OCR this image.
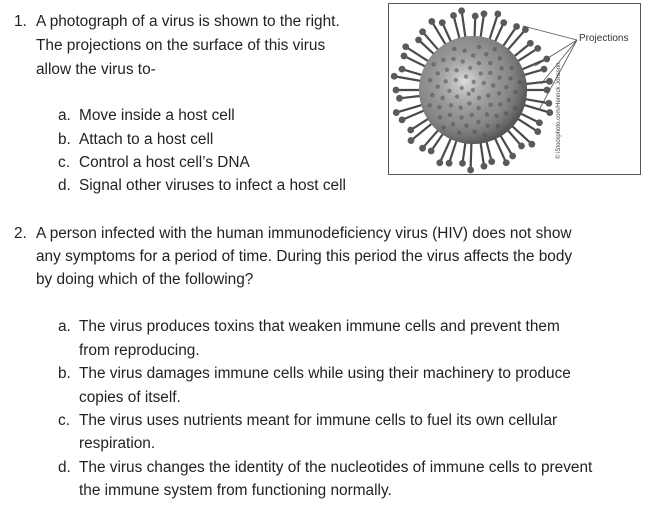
1. A photograph of a virus is shown to the right.
The projections on the surface of this virus
allow the virus to-
a. Move inside a host cell
b. Attach to a host cell
c. Control a host cell’s DNA
d. Signal other viruses to infect a host cell
Projections
© iStockphoto.com/Henrick Jonsson
2. A person infected with the human immunodeficiency virus (HIV) does not show
any symptoms for a period of time. During this period the virus affects the body
by doing which of the following?
a. The virus produces toxins that weaken immune cells and prevent them
from reproducing.
b. The virus damages immune cells while using their machinery to produce
copies of itself.
c. The virus uses nutrients meant for immune cells to fuel its own cellular
respiration.
d. The virus changes the identity of the nucleotides of immune cells to prevent
the immune system from functioning normally.
